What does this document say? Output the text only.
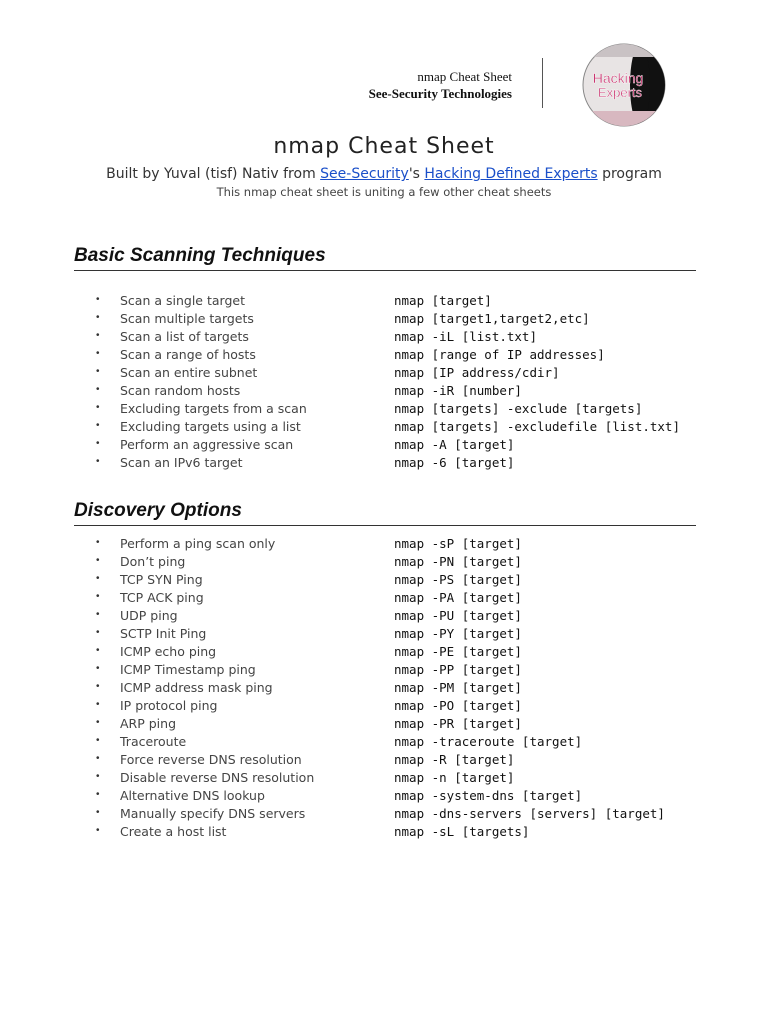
nmap Cheat Sheet
See-Security Technologies
Hacking
Experts
nmap Cheat Sheet
Built by Yuval (tisf) Nativ from See-Security's Hacking Defined Experts program
This nmap cheat sheet is uniting a few other cheat sheets
Basic Scanning Techniques
• Scan a single target	nmap [target]
• Scan multiple targets	nmap [target1,target2,etc]
• Scan a list of targets	nmap -iL [list.txt]
• Scan a range of hosts	nmap [range of IP addresses]
• Scan an entire subnet	nmap [IP address/cdir]
• Scan random hosts	nmap -iR [number]
• Excluding targets from a scan	nmap [targets] -exclude [targets]
• Excluding targets using a list	nmap [targets] -excludefile [list.txt]
• Perform an aggressive scan	nmap -A [target]
• Scan an IPv6 target	nmap -6 [target]
Discovery Options
• Perform a ping scan only	nmap -sP [target]
• Don’t ping	nmap -PN [target]
• TCP SYN Ping	nmap -PS [target]
• TCP ACK ping	nmap -PA [target]
• UDP ping	nmap -PU [target]
• SCTP Init Ping	nmap -PY [target]
• ICMP echo ping	nmap -PE [target]
• ICMP Timestamp ping	nmap -PP [target]
• ICMP address mask ping	nmap -PM [target]
• IP protocol ping	nmap -PO [target]
• ARP ping	nmap -PR [target]
• Traceroute	nmap -traceroute [target]
• Force reverse DNS resolution	nmap -R [target]
• Disable reverse DNS resolution	nmap -n [target]
• Alternative DNS lookup	nmap -system-dns [target]
• Manually specify DNS servers	nmap -dns-servers [servers] [target]
• Create a host list	nmap -sL [targets]
